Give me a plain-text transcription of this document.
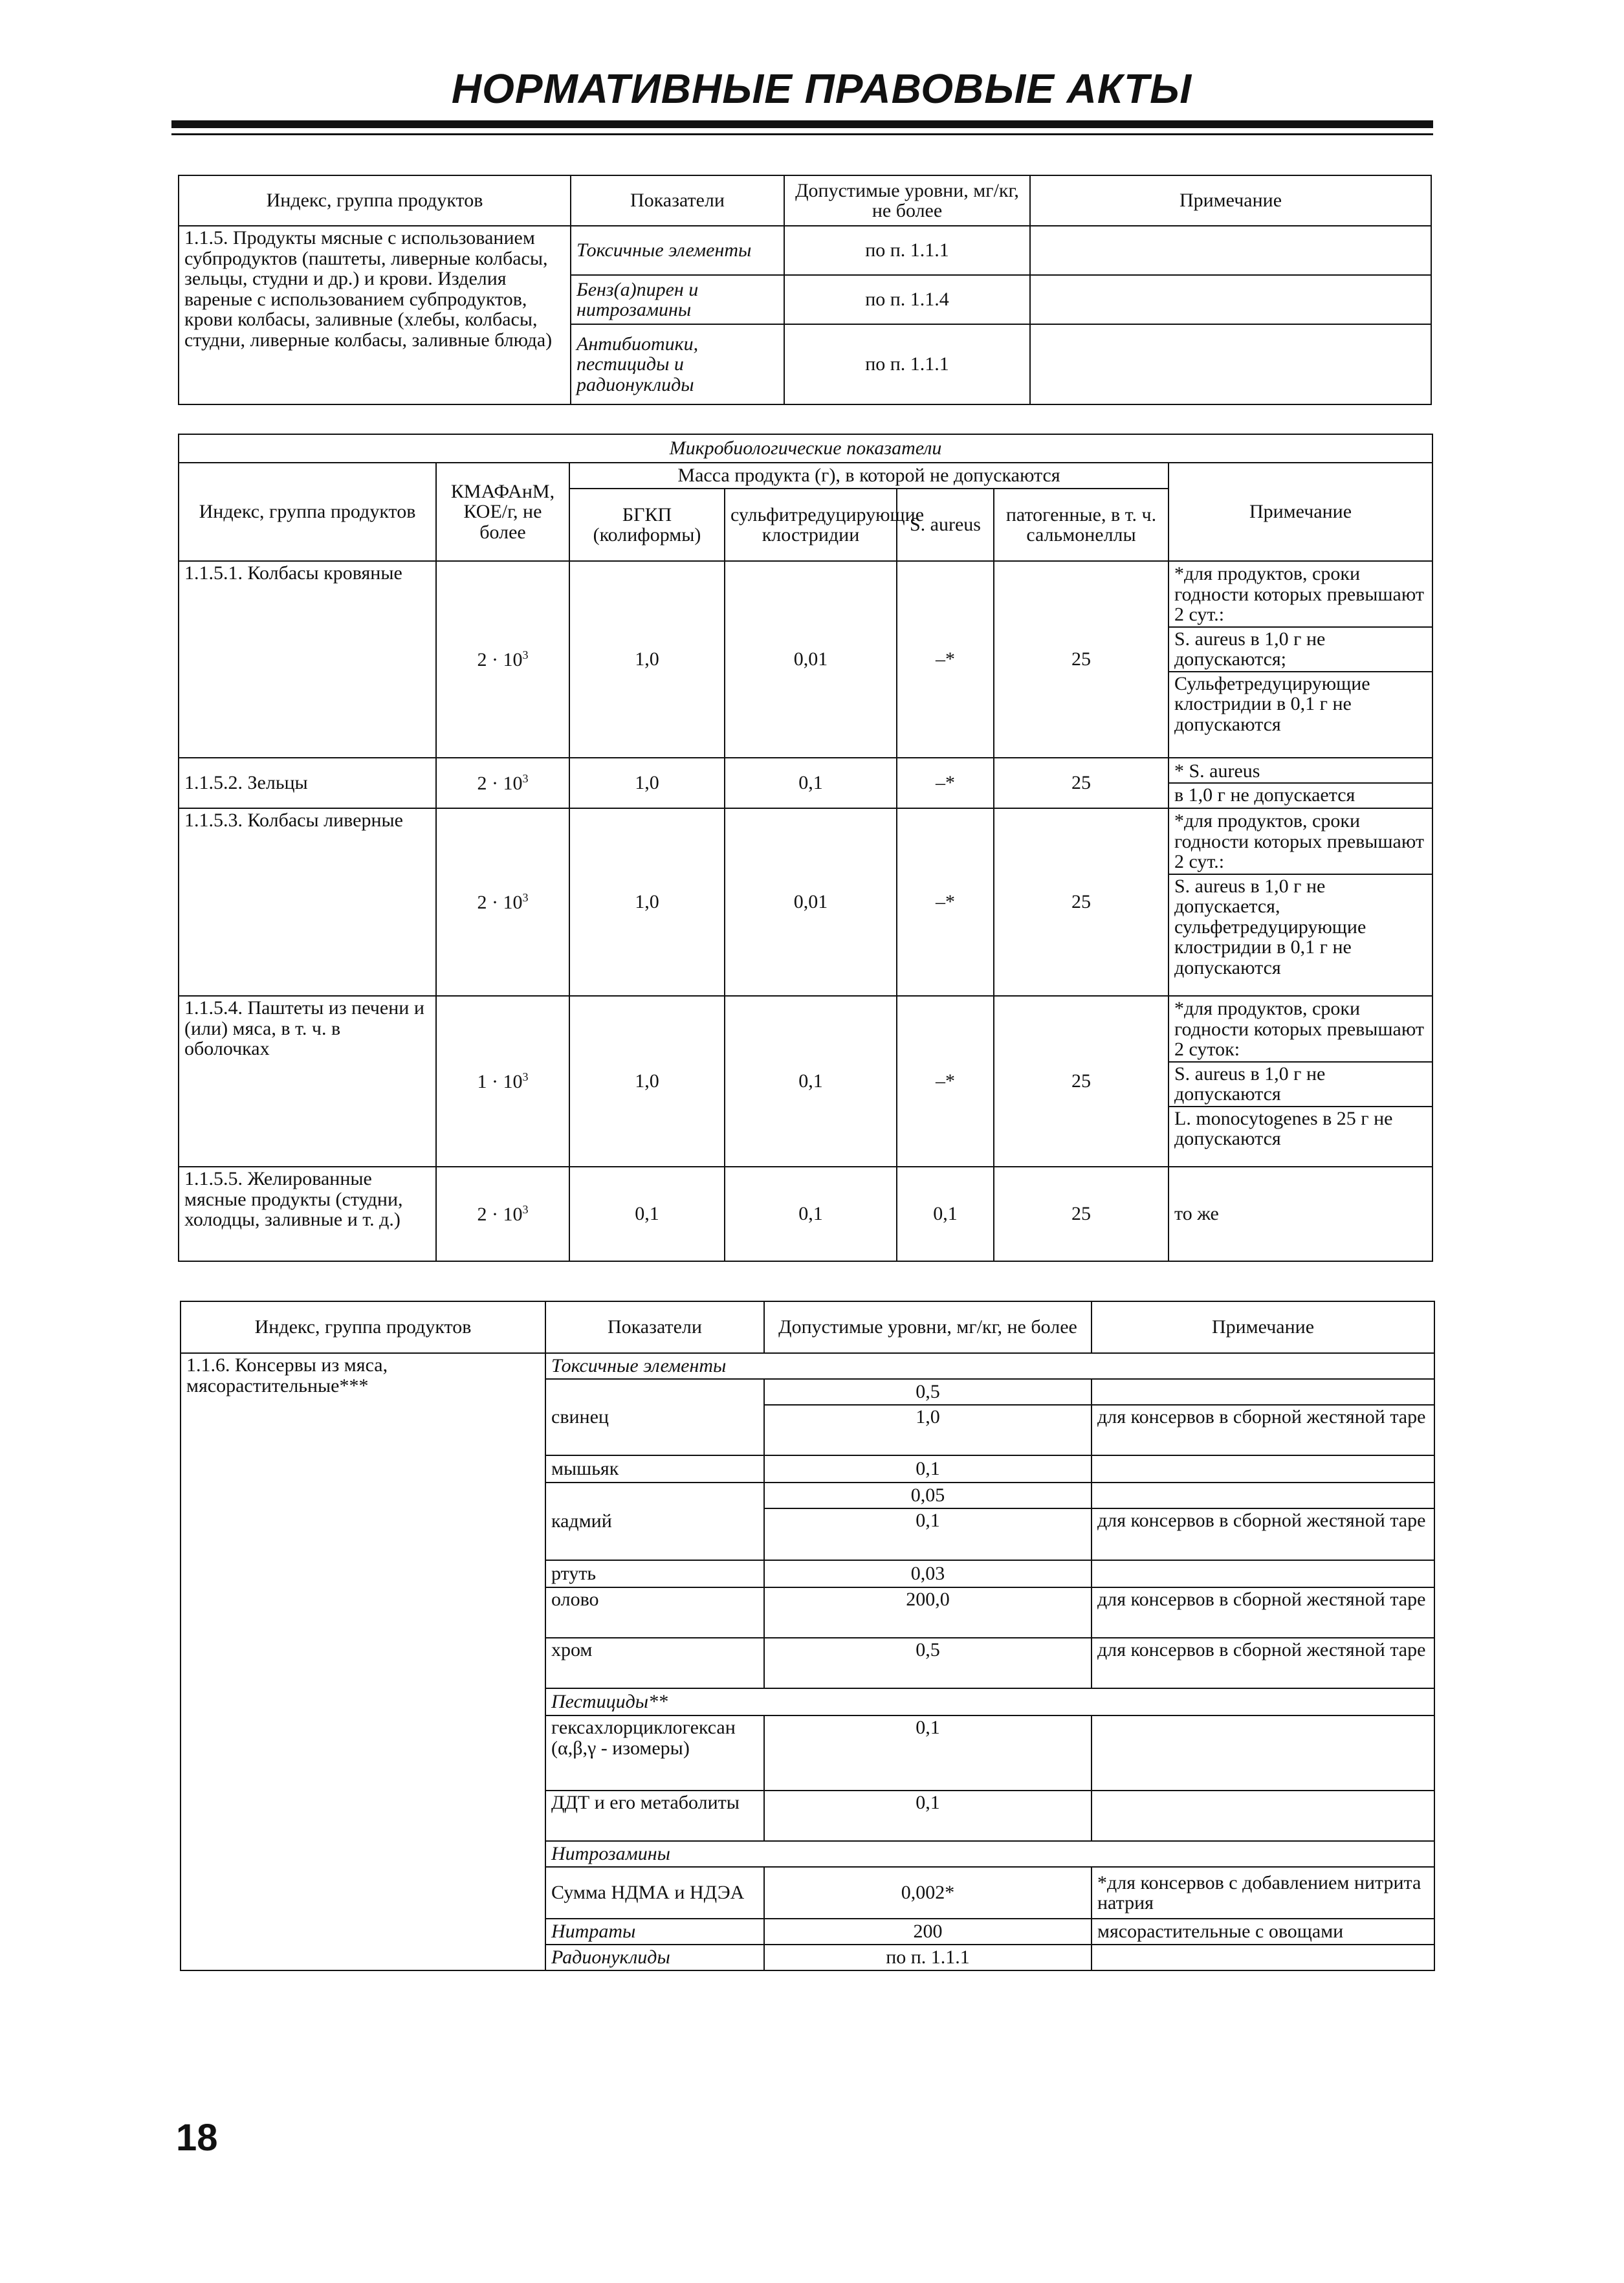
НОРМАТИВНЫЕ ПРАВОВЫЕ АКТЫ
Индекс, группа продуктов	Показатели	Допустимые уровни, мг/кг, не более	Примечание
1.1.5. Продукты мясные с использованием субпродуктов (паштеты, ливерные колбасы, зельцы, студни и др.) и крови. Изделия вареные с использованием субпродуктов, крови колбасы, заливные (хлебы, колбасы, студни, ливерные колбасы, заливные блюда)	Токсичные элементы	по п. 1.1.1	
	Бенз(а)пирен и нитрозамины	по п. 1.1.4	
	Антибиотики, пестициды и радионуклиды	по п. 1.1.1	
Микробиологические показатели						
Индекс, группа продуктов	КМАФАнМ, КОЕ/г, не более	Масса продукта (г), в которой не допускаются				Примечание
		БГКП (колиформы)	сульфитредуцирующие клостридии	S. aureus	патогенные, в т. ч. сальмонеллы	
1.1.5.1. Колбасы кровяные	$2 \cdot 10^3$	1,0	0,01	–*	25	*для продуктов, сроки годности которых превышают 2 сут.:
S. aureus в 1,0 г не допускаются;
Сульфетредуцирующие клостридии в 0,1 г не допускаются

1.1.5.2. Зельцы	$2 \cdot 10^3$	1,0	0,1	–*	25	* S. aureus
в 1,0 г не допускается

1.1.5.3. Колбасы ливерные	$2 \cdot 10^3$	1,0	0,01	–*	25	*для продуктов, сроки годности которых превышают 2 сут.:
S. aureus в 1,0 г не допускается, сульфетредуцирующие клостридии в 0,1 г не допускаются

1.1.5.4. Паштеты из печени и (или) мяса, в т. ч. в оболочках	$1 \cdot 10^3$	1,0	0,1	–*	25	*для продуктов, сроки годности которых превышают 2 суток:
S. aureus в 1,0 г не допускаются
L. monocytogenes в 25 г не допускаются

1.1.5.5. Желированные мясные продукты (студни, холодцы, заливные и т. д.)	$2 \cdot 10^3$	0,1	0,1	0,1	25	то же
Индекс, группа продуктов	Показатели	Допустимые уровни, мг/кг, не более	Примечание
1.1.6. Консервы из мяса, мясорастительные***	Токсичные элементы		
	свинец	0,5	
		1,0	для консервов в сборной жестяной таре
	мышьяк	0,1	
	кадмий	0,05	
		0,1	для консервов в сборной жестяной таре
	ртуть	0,03	
	олово	200,0	для консервов в сборной жестяной таре
	хром	0,5	для консервов в сборной жестяной таре
	Пестициды**		
	гексахлорциклогексан (α,β,γ - изомеры)	0,1	
	ДДТ и его метаболиты	0,1	
	Нитрозамины		
	Сумма НДМА и НДЭА	0,002*	*для консервов с добавлением нитрита натрия
	Нитраты	200	мясорастительные с овощами
	Радионуклиды	по п. 1.1.1	
18
